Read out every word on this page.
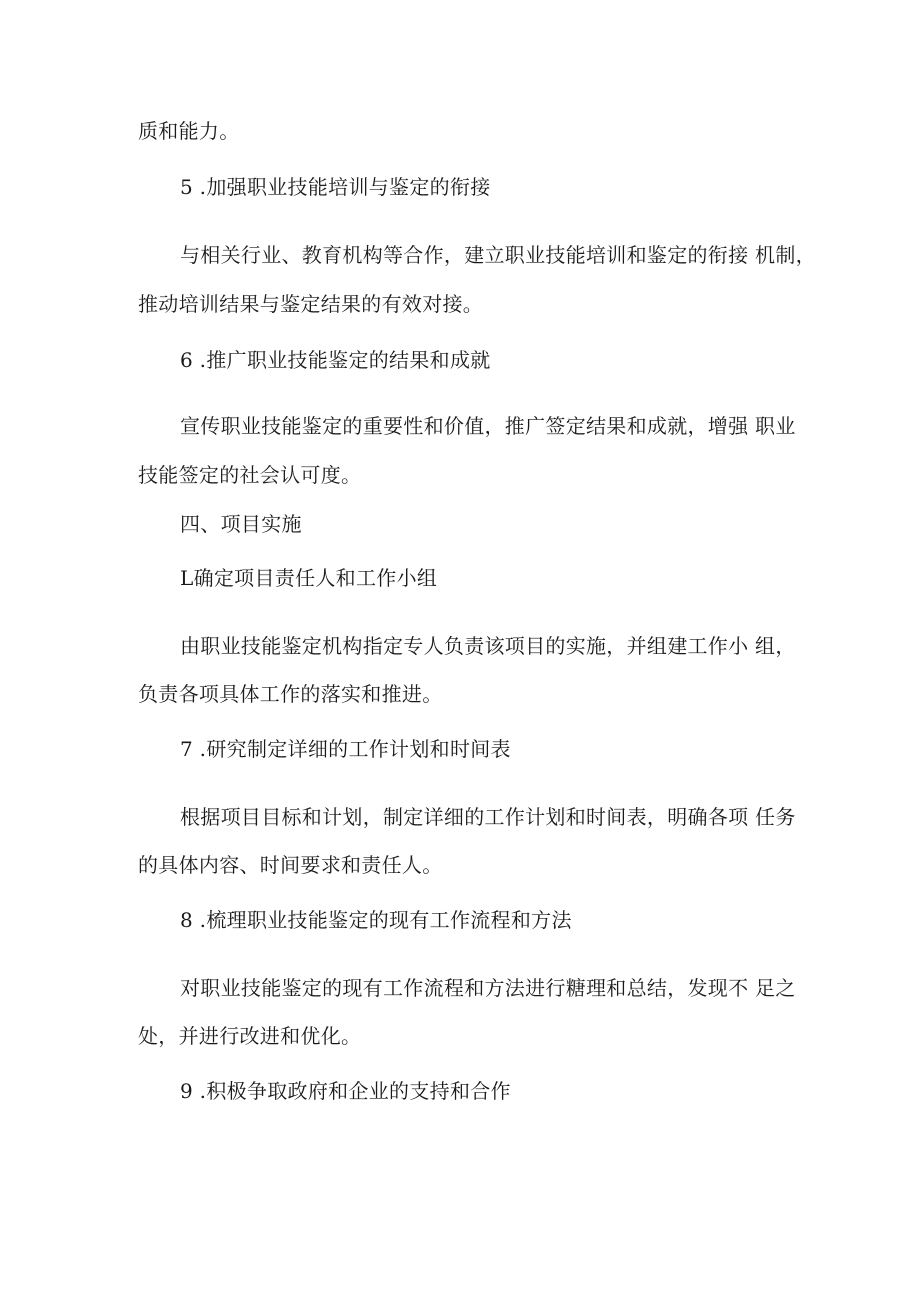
质和能力。
5 .加强职业技能培训与鉴定的衔接
与相关行业、教育机构等合作，建立职业技能培训和鉴定的衔接 机制，
推动培训结果与鉴定结果的有效对接。
6 .推广职业技能鉴定的结果和成就
宣传职业技能鉴定的重要性和价值，推广签定结果和成就，增强 职业
技能签定的社会认可度。
四、项目实施
L确定项目责任人和工作小组
由职业技能鉴定机构指定专人负责该项目的实施，并组建工作小 组，
负责各项具体工作的落实和推进。
7 .研究制定详细的工作计划和时间表
根据项目目标和计划，制定详细的工作计划和时间表，明确各项 任务
的具体内容、时间要求和责任人。
8 .梳理职业技能鉴定的现有工作流程和方法
对职业技能鉴定的现有工作流程和方法进行糖理和总结，发现不 足之
处，并进行改进和优化。
9 .积极争取政府和企业的支持和合作
